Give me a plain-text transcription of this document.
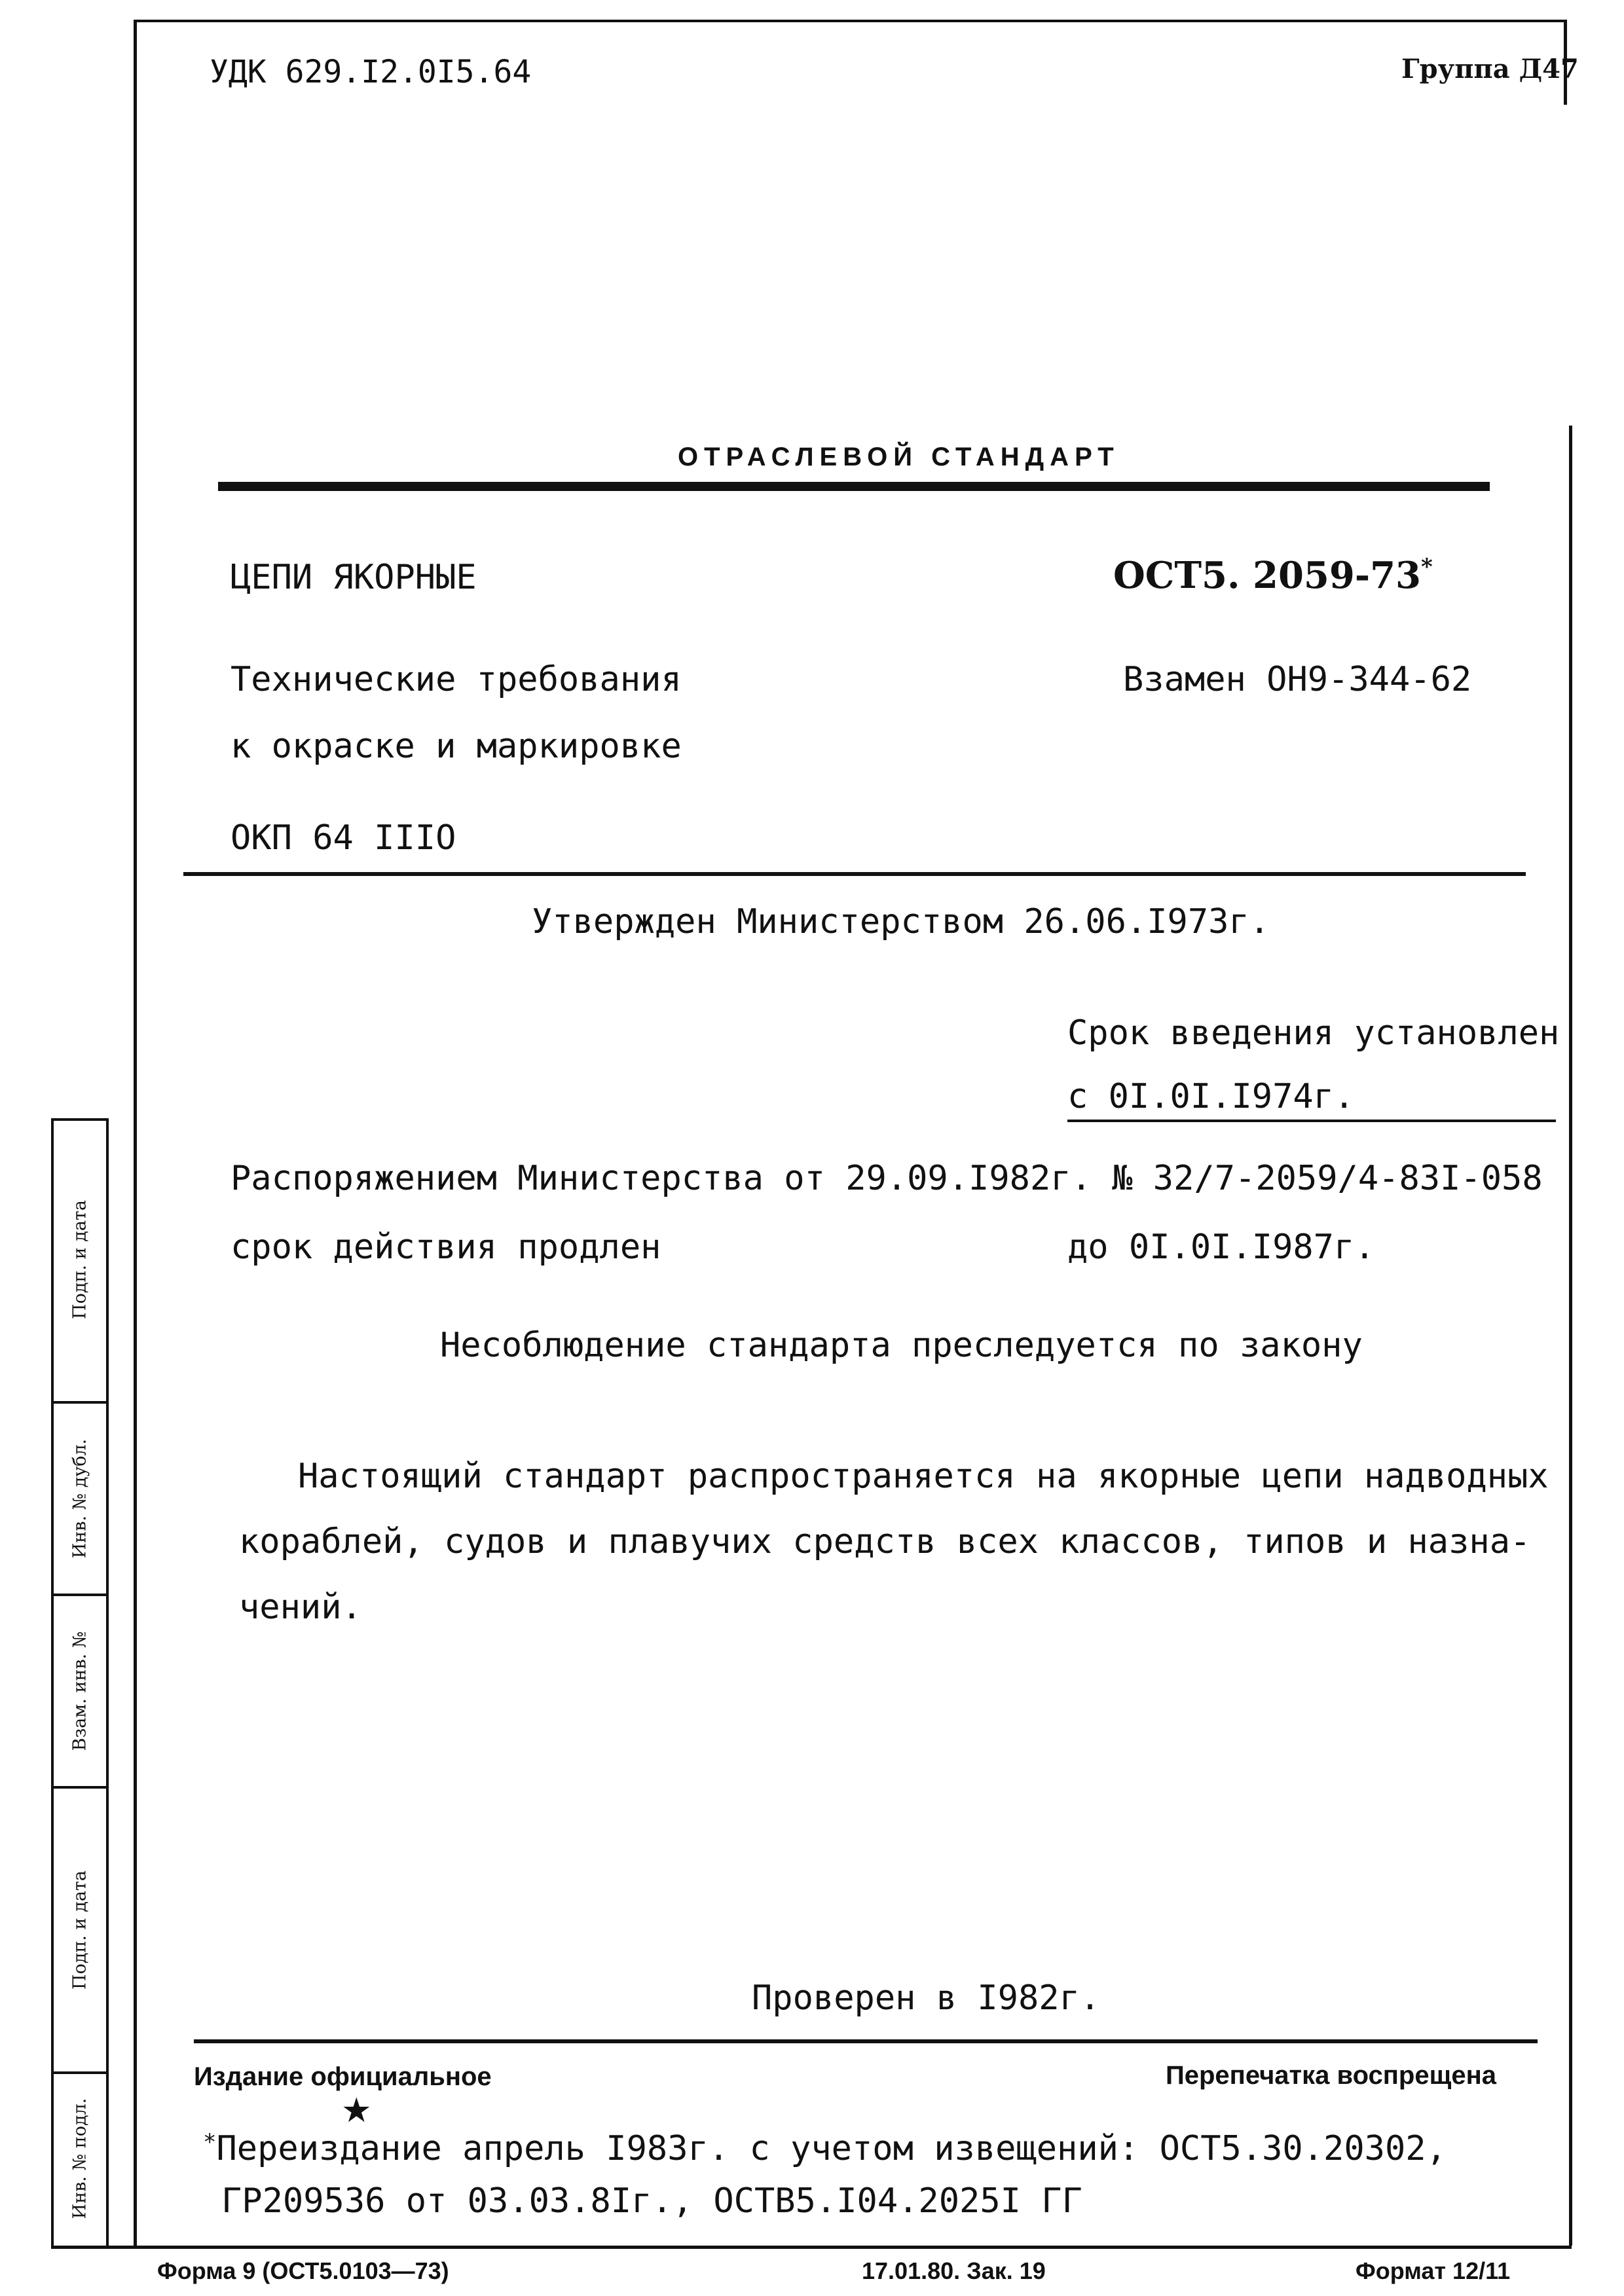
УДК 629.I2.0I5.64	Группа Д47
ОТРАСЛЕВОЙ СТАНДАРТ
ЦЕПИ ЯКОРНЫЕ	ОСТ5. 2059-73*
Технические требования	Взамен ОН9-344-62
к окраске и маркировке
ОКП 64 IIIО
Утвержден Министерством 26.06.I973г.
Срок введения установлен
с 0I.0I.I974г.
Распоряжением Министерства от 29.09.I982г. № 32/7-2059/4-83I-058
срок действия продлен	до 0I.0I.I987г.
Несоблюдение стандарта преследуется по закону
Настоящий стандарт распространяется на якорные цепи надводных
кораблей, судов и плавучих средств всех классов, типов и назна-
чений.
Проверен в I982г.
Издание официальное	Перепечатка воспрещена
★
*Переиздание апрель I983г. с учетом извещений: ОСТ5.30.20302,
ГР209536 от 03.03.8Iг., ОСТВ5.I04.2025I ГГ
Форма 9 (ОСТ5.0103—73)	17.01.80. Зак. 19	Формат 12/11
Подп. и дата
Инв. № дубл.
Взам. инв. №
Подп. и дата
Инв. № подл.
